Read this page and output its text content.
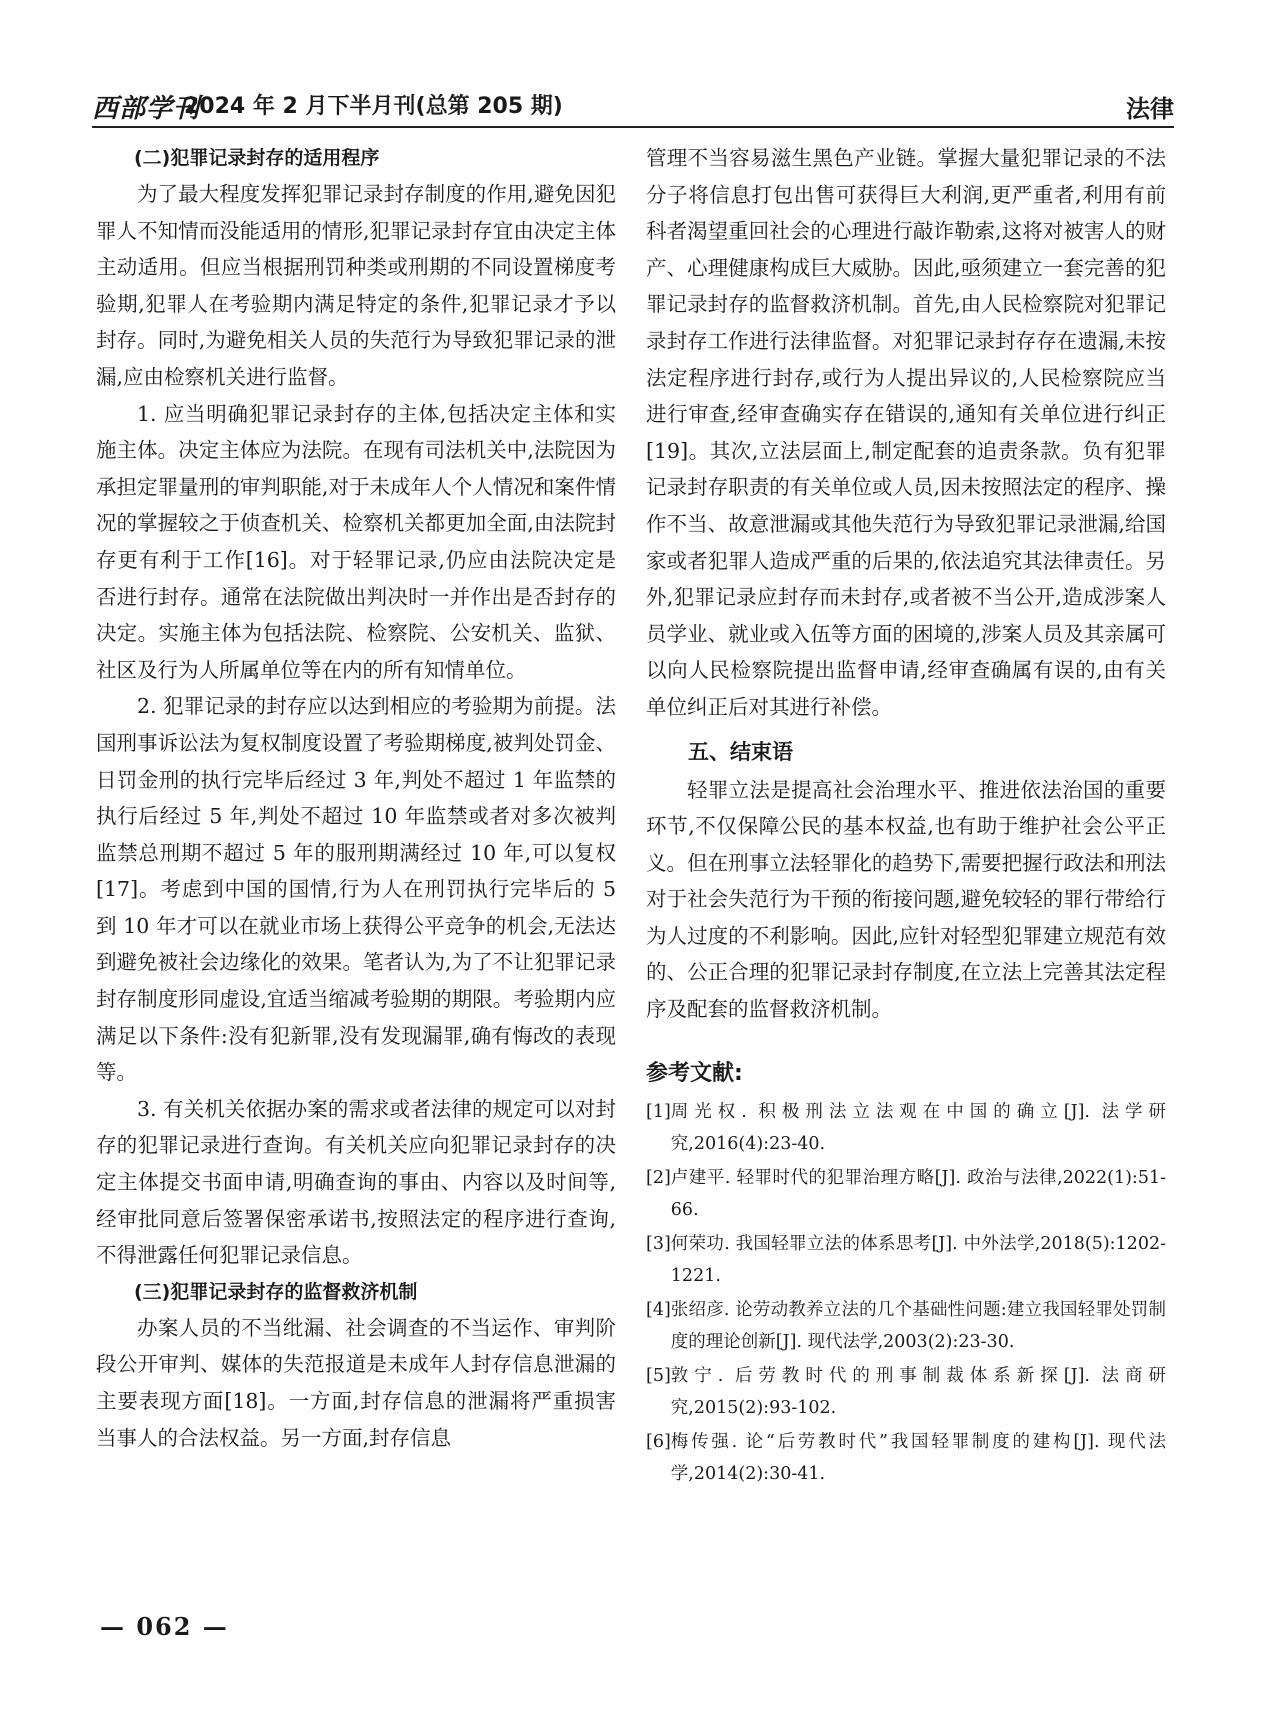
西部学刊
2024 年 2 月下半月刊(总第 205 期)	法律
(二)犯罪记录封存的适用程序

为了最大程度发挥犯罪记录封存制度的作用,避免因犯罪人不知情而没能适用的情形,犯罪记录封存宜由决定主体主动适用。但应当根据刑罚种类或刑期的不同设置梯度考验期,犯罪人在考验期内满足特定的条件,犯罪记录才予以封存。同时,为避免相关人员的失范行为导致犯罪记录的泄漏,应由检察机关进行监督。

1. 应当明确犯罪记录封存的主体,包括决定主体和实施主体。决定主体应为法院。在现有司法机关中,法院因为承担定罪量刑的审判职能,对于未成年人个人情况和案件情况的掌握较之于侦查机关、检察机关都更加全面,由法院封存更有利于工作[16]。对于轻罪记录,仍应由法院决定是否进行封存。通常在法院做出判决时一并作出是否封存的决定。实施主体为包括法院、检察院、公安机关、监狱、社区及行为人所属单位等在内的所有知情单位。

2. 犯罪记录的封存应以达到相应的考验期为前提。法国刑事诉讼法为复权制度设置了考验期梯度,被判处罚金、日罚金刑的执行完毕后经过 3 年,判处不超过 1 年监禁的执行后经过 5 年,判处不超过 10 年监禁或者对多次被判监禁总刑期不超过 5 年的服刑期满经过 10 年,可以复权[17]。考虑到中国的国情,行为人在刑罚执行完毕后的 5 到 10 年才可以在就业市场上获得公平竞争的机会,无法达到避免被社会边缘化的效果。笔者认为,为了不让犯罪记录封存制度形同虚设,宜适当缩减考验期的期限。考验期内应满足以下条件:没有犯新罪,没有发现漏罪,确有悔改的表现等。

3. 有关机关依据办案的需求或者法律的规定可以对封存的犯罪记录进行查询。有关机关应向犯罪记录封存的决定主体提交书面申请,明确查询的事由、内容以及时间等,经审批同意后签署保密承诺书,按照法定的程序进行查询,不得泄露任何犯罪记录信息。

(三)犯罪记录封存的监督救济机制

办案人员的不当纰漏、社会调查的不当运作、审判阶段公开审判、媒体的失范报道是未成年人封存信息泄漏的主要表现方面[18]。一方面,封存信息的泄漏将严重损害当事人的合法权益。另一方面,封存信息

管理不当容易滋生黑色产业链。掌握大量犯罪记录的不法分子将信息打包出售可获得巨大利润,更严重者,利用有前科者渴望重回社会的心理进行敲诈勒索,这将对被害人的财产、心理健康构成巨大威胁。因此,亟须建立一套完善的犯罪记录封存的监督救济机制。首先,由人民检察院对犯罪记录封存工作进行法律监督。对犯罪记录封存存在遗漏,未按法定程序进行封存,或行为人提出异议的,人民检察院应当进行审查,经审查确实存在错误的,通知有关单位进行纠正[19]。其次,立法层面上,制定配套的追责条款。负有犯罪记录封存职责的有关单位或人员,因未按照法定的程序、操作不当、故意泄漏或其他失范行为导致犯罪记录泄漏,给国家或者犯罪人造成严重的后果的,依法追究其法律责任。另外,犯罪记录应封存而未封存,或者被不当公开,造成涉案人员学业、就业或入伍等方面的困境的,涉案人员及其亲属可以向人民检察院提出监督申请,经审查确属有误的,由有关单位纠正后对其进行补偿。

五、结束语

轻罪立法是提高社会治理水平、推进依法治国的重要环节,不仅保障公民的基本权益,也有助于维护社会公平正义。但在刑事立法轻罪化的趋势下,需要把握行政法和刑法对于社会失范行为干预的衔接问题,避免较轻的罪行带给行为人过度的不利影响。因此,应针对轻型犯罪建立规范有效的、公正合理的犯罪记录封存制度,在立法上完善其法定程序及配套的监督救济机制。

参考文献:
[1] 周光权. 积极刑法立法观在中国的确立[J]. 法学研究,2016(4):23-40.
[2] 卢建平. 轻罪时代的犯罪治理方略[J]. 政治与法律,2022(1):51-66.
[3] 何荣功. 我国轻罪立法的体系思考[J]. 中外法学,2018(5):1202-1221.
[4] 张绍彦. 论劳动教养立法的几个基础性问题:建立我国轻罪处罚制度的理论创新[J]. 现代法学,2003(2):23-30.
[5] 敦宁. 后劳教时代的刑事制裁体系新探[J]. 法商研究,2015(2):93-102.
[6] 梅传强. 论“后劳教时代”我国轻罪制度的建构[J]. 现代法学,2014(2):30-41.
— 062 —
